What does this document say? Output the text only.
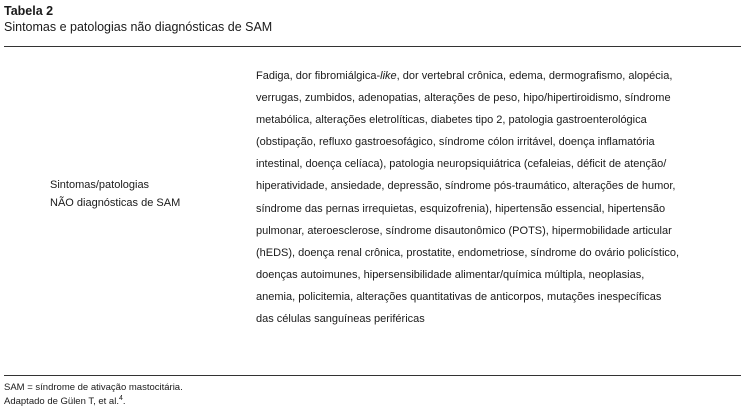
Tabela 2

Sintomas e patologias não diagnósticas de SAM

Sintomas/patologias
NÃO diagnósticas de SAM
Fadiga, dor fibromiálgica-like, dor vertebral crônica, edema, dermografismo, alopécia,
verrugas, zumbidos, adenopatias, alterações de peso, hipo/hipertiroidismo, síndrome
metabólica, alterações eletrolíticas, diabetes tipo 2, patologia gastroenterológica
(obstipação, refluxo gastroesofágico, síndrome cólon irritável, doença inflamatória
intestinal, doença celíaca), patologia neuropsiquiátrica (cefaleias, déficit de atenção/
hiperatividade, ansiedade, depressão, síndrome pós-traumático, alterações de humor,
síndrome das pernas irrequietas, esquizofrenia), hipertensão essencial, hipertensão
pulmonar, ateroesclerose, síndrome disautonômico (POTS), hipermobilidade articular
(hEDS), doença renal crônica, prostatite, endometriose, síndrome do ovário policístico,
doenças autoimunes, hipersensibilidade alimentar/química múltipla, neoplasias,
anemia, policitemia, alterações quantitativas de anticorpos, mutações inespecíficas
das células sanguíneas periféricas
SAM = síndrome de ativação mastocitária.
Adaptado de Gülen T, et al.$^4$.
